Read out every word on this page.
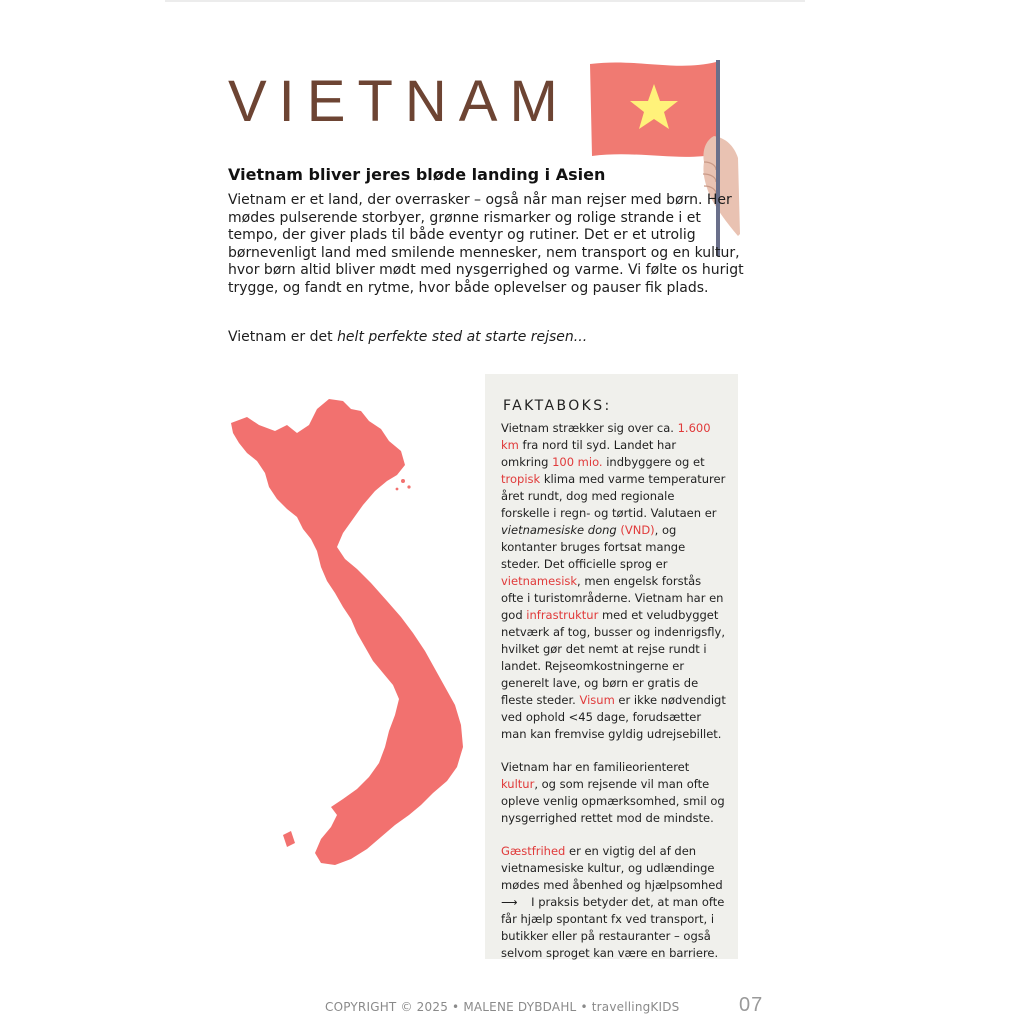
VIETNAM
Vietnam bliver jeres bløde landing i Asien

Vietnam er et land, der overrasker – også når man rejser med børn. Her mødes pulserende storbyer, grønne rismarker og rolige strande i et tempo, der giver plads til både eventyr og rutiner. Det er et utrolig børnevenligt land med smilende mennesker, nem transport og en kultur, hvor børn altid bliver mødt med nysgerrighed og varme. Vi følte os hurigt trygge, og fandt en rytme, hvor både oplevelser og pauser fik plads.

Vietnam er det helt perfekte sted at starte rejsen...

FAKTABOKS:

Vietnam strækker sig over ca. 1.600 km fra nord til syd. Landet har omkring 100 mio. indbyggere og et tropisk klima med varme temperaturer året rundt, dog med regionale forskelle i regn- og tørtid. Valutaen er vietnamesiske dong (VND), og kontanter bruges fortsat mange steder. Det officielle sprog er vietnamesisk, men engelsk forstås ofte i turistområderne. Vietnam har en god infrastruktur med et veludbygget netværk af tog, busser og indenrigsfly, hvilket gør det nemt at rejse rundt i landet. Rejseomkostningerne er generelt lave, og børn er gratis de fleste steder. Visum er ikke nødvendigt ved ophold <45 dage, forudsætter man kan fremvise gyldig udrejsebillet.

Vietnam har en familieorienteret kultur, og som rejsende vil man ofte opleve venlig opmærksomhed, smil og nysgerrighed rettet mod de mindste.

Gæstfrihed er en vigtig del af den vietnamesiske kultur, og udlændinge mødes med åbenhed og hjælpsomhed
⟶ I praksis betyder det, at man ofte får hjælp spontant fx ved transport, i butikker eller på restauranter – også selvom sproget kan være en barriere.

COPYRIGHT © 2025 • MALENE DYBDAHL • travellingKIDS	07
